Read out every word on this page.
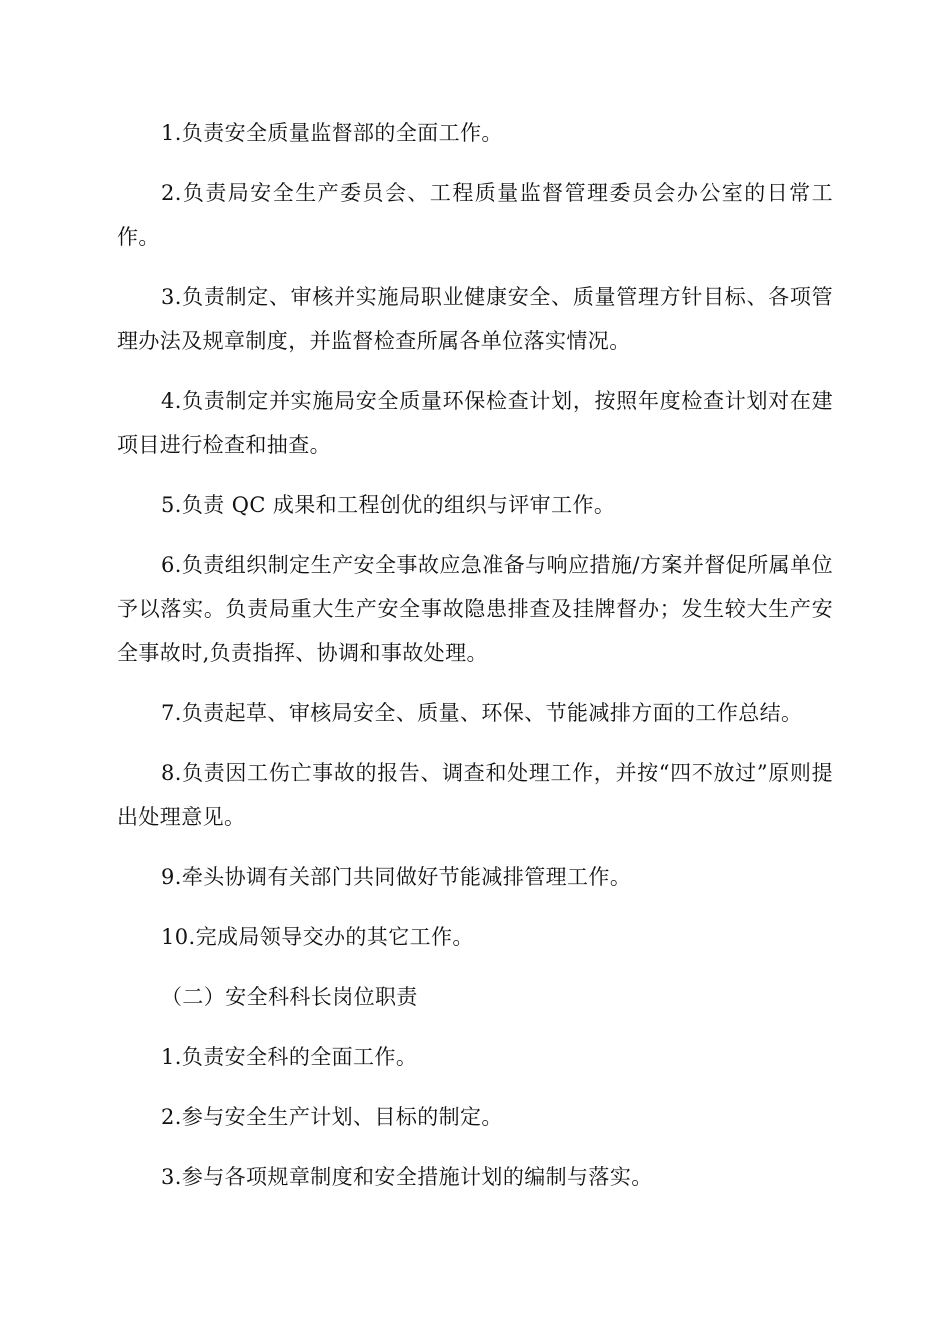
1.负责安全质量监督部的全面工作。

2.负责局安全生产委员会、工程质量监督管理委员会办公室的日常工作。

3.负责制定、审核并实施局职业健康安全、质量管理方针目标、各项管理办法及规章制度，并监督检查所属各单位落实情况。

4.负责制定并实施局安全质量环保检查计划，按照年度检查计划对在建项目进行检查和抽查。

5.负责 QC 成果和工程创优的组织与评审工作。

6.负责组织制定生产安全事故应急准备与响应措施/方案并督促所属单位予以落实。负责局重大生产安全事故隐患排查及挂牌督办；发生较大生产安全事故时,负责指挥、协调和事故处理。

7.负责起草、审核局安全、质量、环保、节能减排方面的工作总结。

8.负责因工伤亡事故的报告、调查和处理工作，并按“四不放过”原则提出处理意见。

9.牵头协调有关部门共同做好节能减排管理工作。

10.完成局领导交办的其它工作。

（二）安全科科长岗位职责

1.负责安全科的全面工作。

2.参与安全生产计划、目标的制定。

3.参与各项规章制度和安全措施计划的编制与落实。
